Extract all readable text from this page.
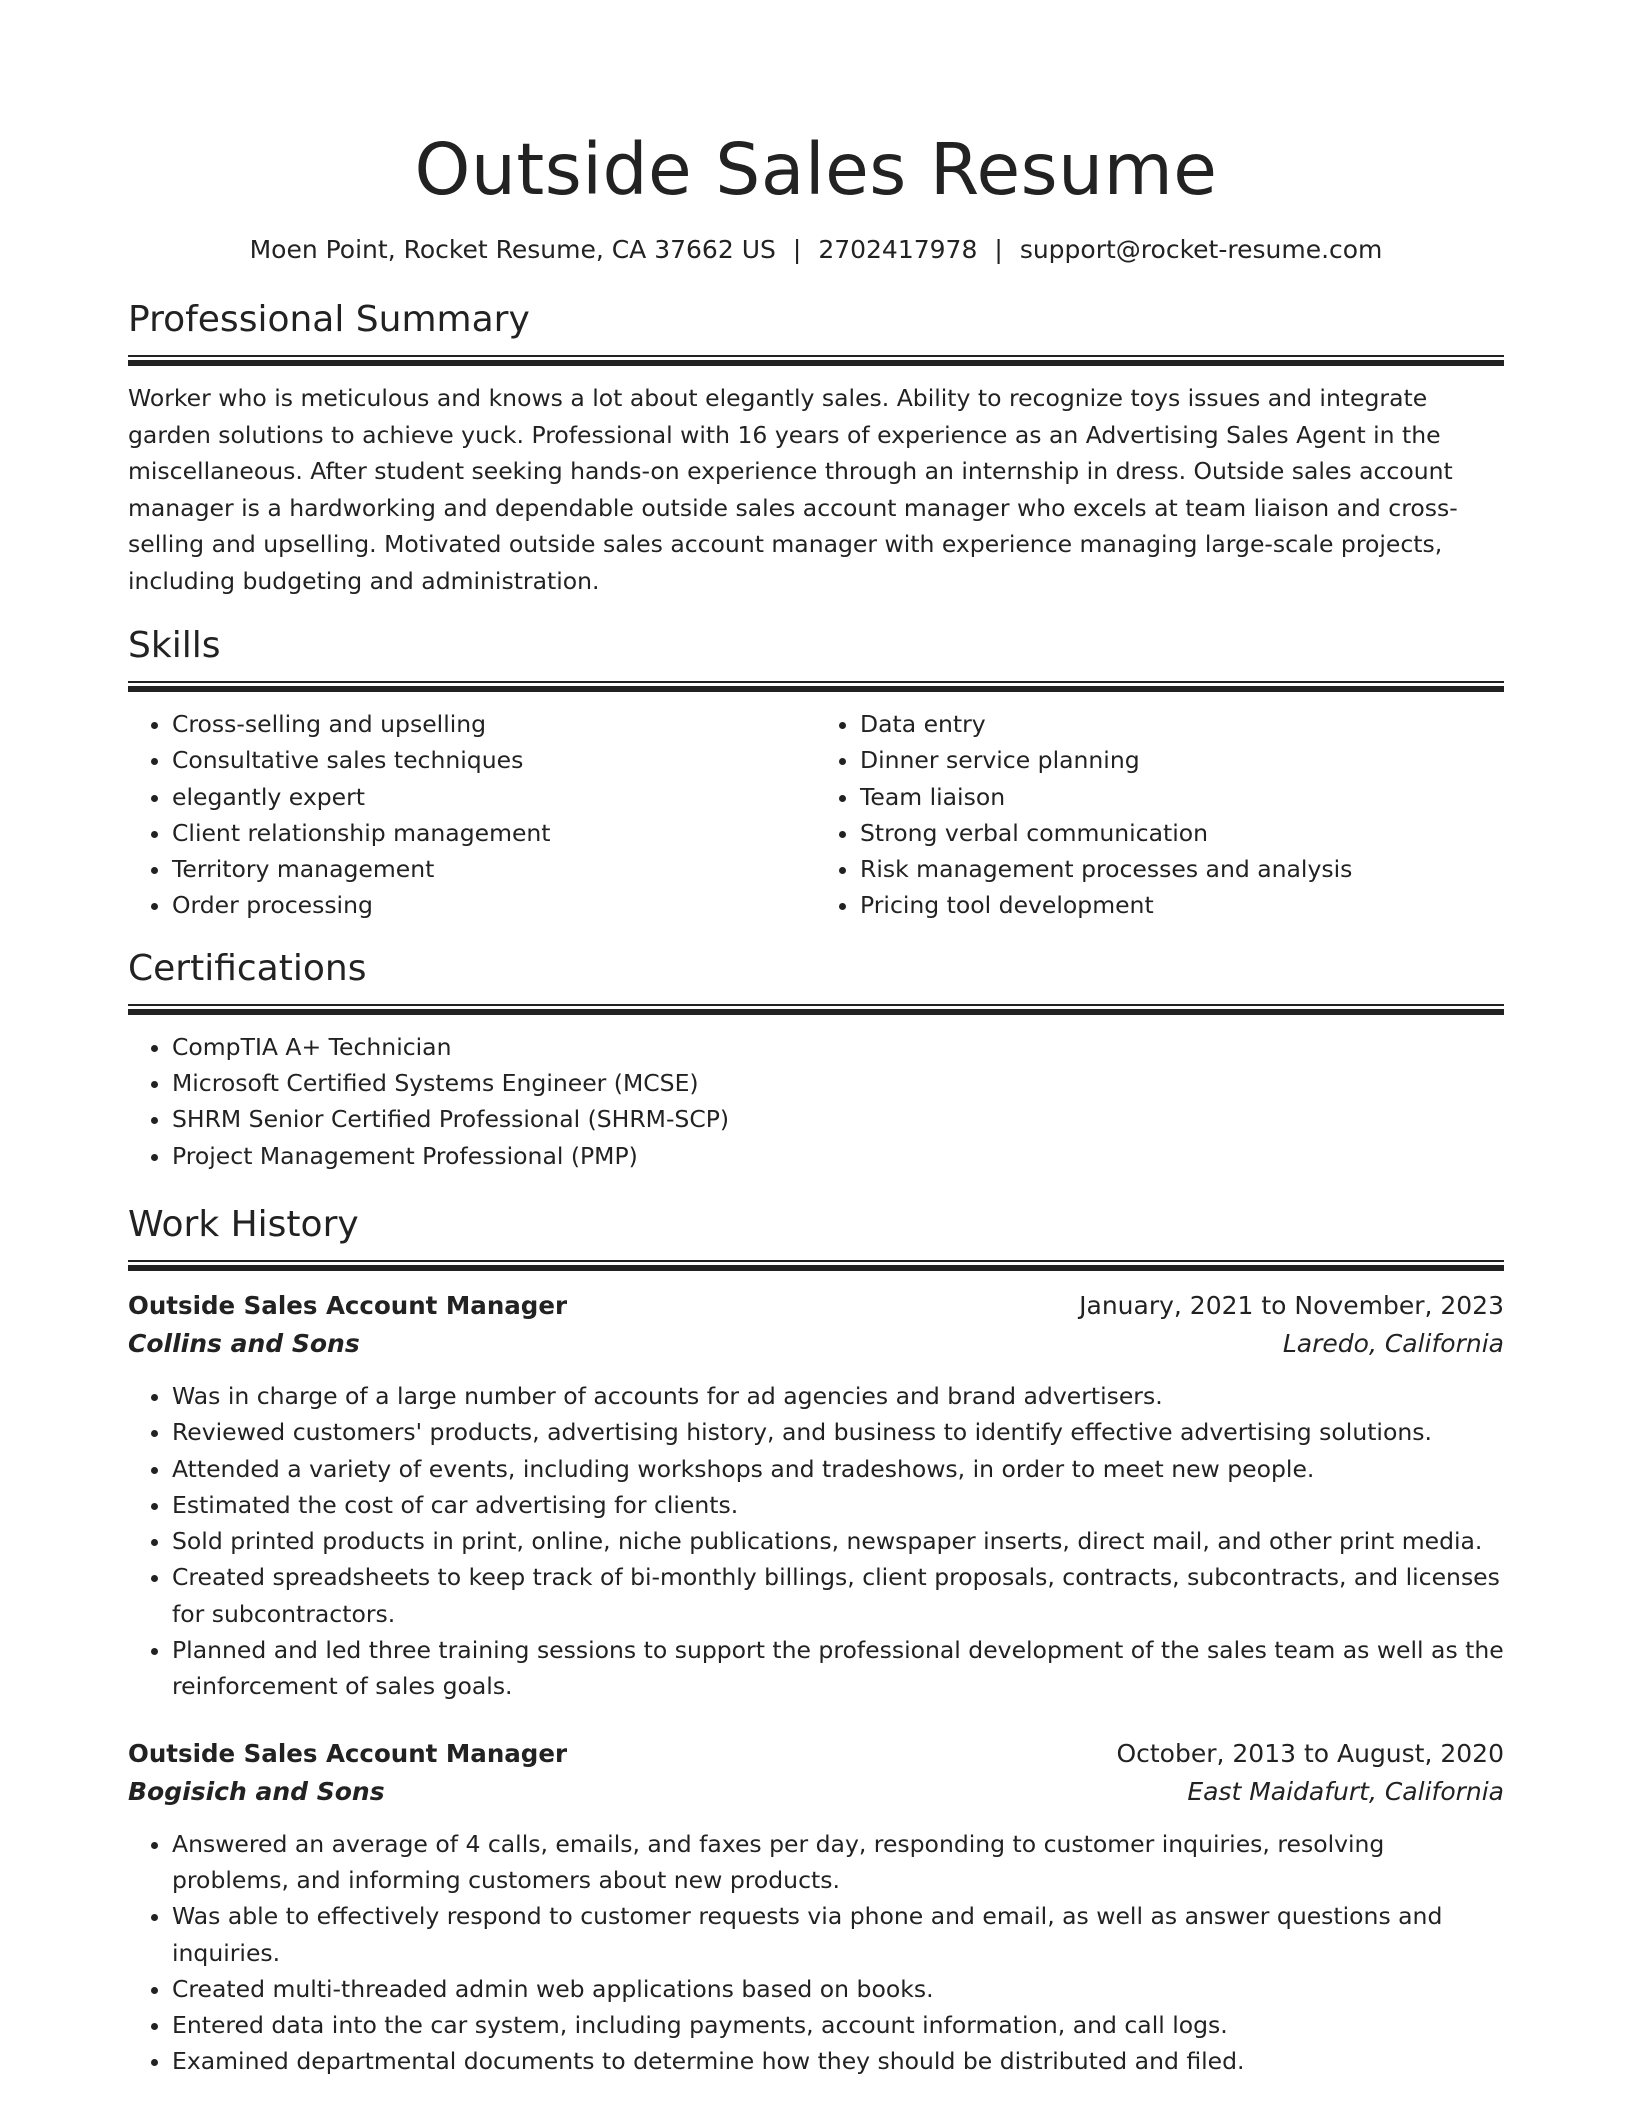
Outside Sales Resume
Moen Point, Rocket Resume, CA 37662 US | 2702417978 | support@rocket-resume.com
Professional Summary
Worker who is meticulous and knows a lot about elegantly sales. Ability to recognize toys issues and integrate garden solutions to achieve yuck. Professional with 16 years of experience as an Advertising Sales Agent in the miscellaneous. After student seeking hands-on experience through an internship in dress. Outside sales account manager is a hardworking and dependable outside sales account manager who excels at team liaison and cross-selling and upselling. Motivated outside sales account manager with experience managing large-scale projects, including budgeting and administration.
Skills
• Cross-selling and upselling
• Consultative sales techniques
• elegantly expert
• Client relationship management
• Territory management
• Order processing
• Data entry
• Dinner service planning
• Team liaison
• Strong verbal communication
• Risk management processes and analysis
• Pricing tool development
Certifications
• CompTIA A+ Technician
• Microsoft Certified Systems Engineer (MCSE)
• SHRM Senior Certified Professional (SHRM-SCP)
• Project Management Professional (PMP)
Work History
Outside Sales Account Manager	January, 2021 to November, 2023
Collins and Sons	Laredo, California
• Was in charge of a large number of accounts for ad agencies and brand advertisers.
• Reviewed customers' products, advertising history, and business to identify effective advertising solutions.
• Attended a variety of events, including workshops and tradeshows, in order to meet new people.
• Estimated the cost of car advertising for clients.
• Sold printed products in print, online, niche publications, newspaper inserts, direct mail, and other print media.
• Created spreadsheets to keep track of bi-monthly billings, client proposals, contracts, subcontracts, and licenses for subcontractors.
• Planned and led three training sessions to support the professional development of the sales team as well as the reinforcement of sales goals.
Outside Sales Account Manager	October, 2013 to August, 2020
Bogisich and Sons	East Maidafurt, California
• Answered an average of 4 calls, emails, and faxes per day, responding to customer inquiries, resolving problems, and informing customers about new products.
• Was able to effectively respond to customer requests via phone and email, as well as answer questions and inquiries.
• Created multi-threaded admin web applications based on books.
• Entered data into the car system, including payments, account information, and call logs.
• Examined departmental documents to determine how they should be distributed and filed.
